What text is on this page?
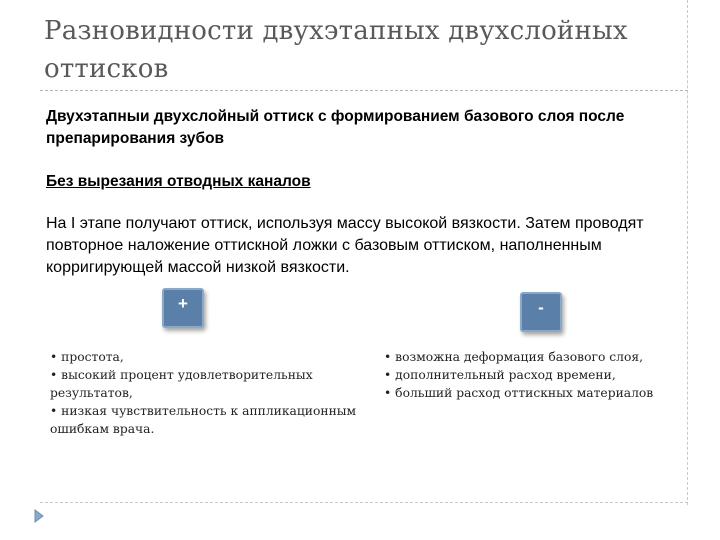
Разновидности двухэтапных двухслойных оттисков
Двухэтапныи двухслойный оттиск с формированием базового слоя после препарирования зубов
Без вырезания отводных каналов
На I этапе получают оттиск, используя массу высокой вязкости. Затем проводят повторное наложение оттискной ложки с базовым оттиском, наполненным корригирующей массой низкой вязкости.
+	-
• простота,
• высокий процент удовлетворительных результатов,
• низкая чувствительность к аппликационным ошибкам врача.
• возможна деформация базового слоя,
• дополнительный расход времени,
• больший расход оттискных материалов
